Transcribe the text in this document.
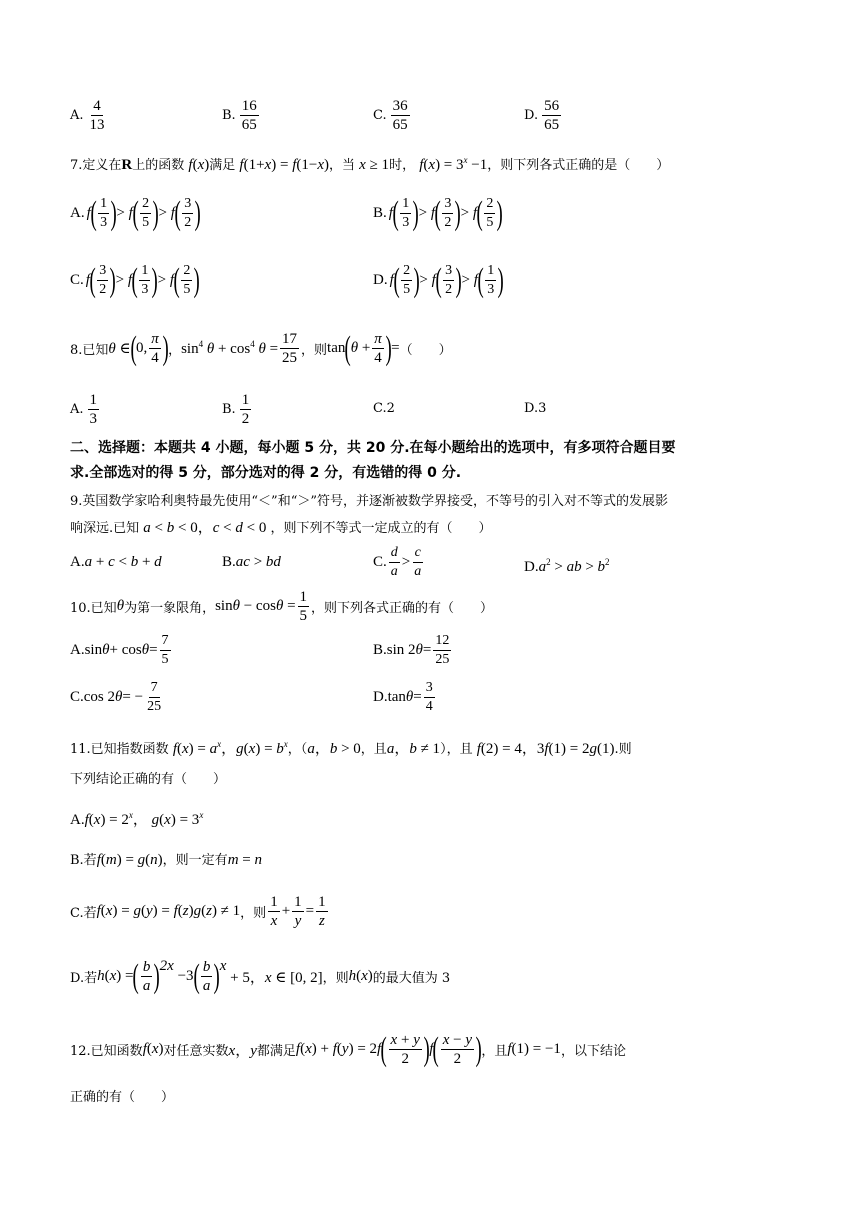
A. $\frac{4}{13}$	B. $\frac{16}{65}$	C. $\frac{36}{65}$	D. $\frac{56}{65}$
7.定义在R上的函数 f(x)满足 f(1+x) = f(1−x)，当 x ≥ 1时， $f(x) = 3^x -1$，则下列各式正确的是（　　）
A. f ( $\frac{1}{3}$ ) > f ( $\frac{2}{5}$ ) > f ( $\frac{3}{2}$ )	B. f ( $\frac{1}{3}$ ) > f ( $\frac{3}{2}$ ) > f ( $\frac{2}{5}$ )
C. f ( $\frac{3}{2}$ ) > f ( $\frac{1}{3}$ ) > f ( $\frac{2}{5}$ )	D. f ( $\frac{2}{5}$ ) > f ( $\frac{3}{2}$ ) > f ( $\frac{1}{3}$ )
8.已知 θ ∈ ( 0, $\frac{\pi}{4}$ ) ， $\sin^4 \theta + \cos^4 \theta = \frac{17}{25}$ ，则 tan ( $\theta + \frac{\pi}{4}$ ) = （　　）
A. $\frac{1}{3}$	B. $\frac{1}{2}$	C.2	D.3
二、选择题：本题共 4 小题，每小题 5 分，共 20 分.在每小题给出的选项中，有多项符合题目要
求.全部选对的得 5 分，部分选对的得 2 分，有选错的得 0 分.
9.英国数学家哈利奥特最先使用“＜”和“＞”符号，并逐渐被数学界接受，不等号的引入对不等式的发展影
响深远.已知 a < b < 0，c < d < 0 ，则下列不等式一定成立的有（　　）
A.a + c < b + d	B.ac > bd	C. $\frac{d}{a} > \frac{c}{a}$	$D.a^2$ > ab > $b^2$
10.已知 θ 为第一象限角， $\sin\theta - \cos\theta = \frac{1}{5}$ ，则下列各式正确的有（　　）
A. $\sin \theta + \cos \theta = \frac{7}{5}$	B. sin 2 $\theta = \frac{12}{25}$
C. cos 2 θ = − $\frac{7}{25}$	D. $\tan \theta = \frac{3}{4}$
11.已知指数函数 $f(x) = a^x$，$g(x) = b^x$，（a，b > 0，且a，b ≠ 1），且 f(2) = 4，3f(1) = 2g(1).则
下列结论正确的有（　　）
$A.f(x) = 2^x$， $g(x) = 3^x$
B.若f(m) = g(n)，则一定有m = n
C.若 f(x) = g(y) = f(z)g(z) ≠ 1 ，则 $\frac{1}{x} + \frac{1}{y} = \frac{1}{z}$
D.若 h(x) = ( $\frac{b}{a}$ ) 2x
−3 ( $\frac{b}{a}$ ) x
+ 5，x ∈ [0, 2] ，则 h(x) 的最大值为 3
12.已知函数 f(x) 对任意实数 x，y 都满足 f(x) + f(y) = 2f ( $\frac{x + y}{2}$ ) f ( $\frac{x - y}{2}$ ) ，且 f(1) = −1 ，以下结论
正确的有（　　）
